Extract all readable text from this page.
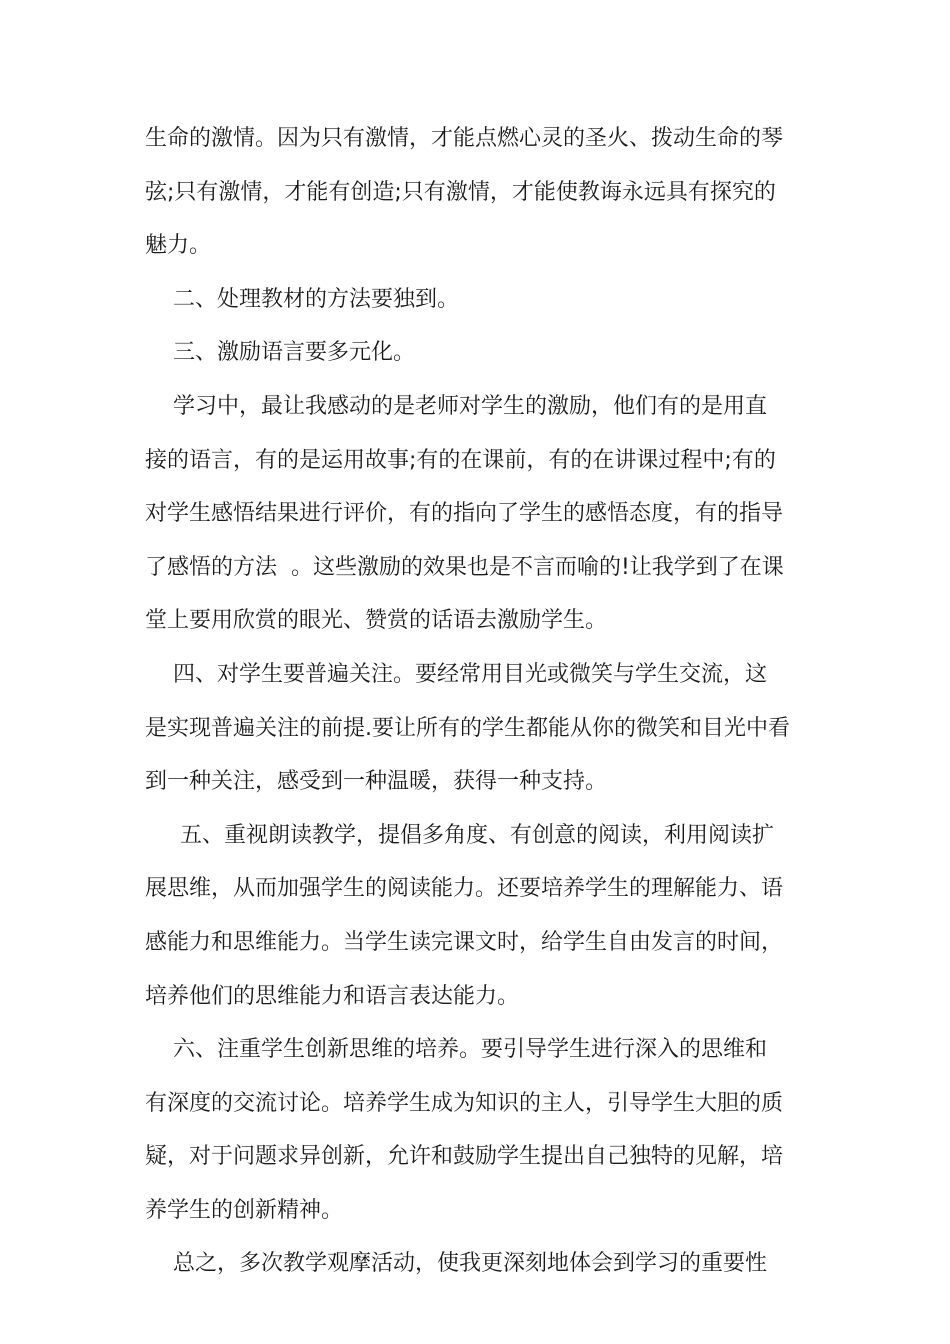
生命的激情。因为只有激情，才能点燃心灵的圣火、拨动生命的琴
弦;只有激情，才能有创造;只有激情，才能使教诲永远具有探究的
魅力。
二、处理教材的方法要独到。
三、激励语言要多元化。
学习中，最让我感动的是老师对学生的激励，他们有的是用直
接的语言，有的是运用故事;有的在课前，有的在讲课过程中;有的
对学生感悟结果进行评价，有的指向了学生的感悟态度，有的指导
了感悟的方法  。这些激励的效果也是不言而喻的!让我学到了在课
堂上要用欣赏的眼光、赞赏的话语去激励学生。
四、对学生要普遍关注。要经常用目光或微笑与学生交流，这
是实现普遍关注的前提.要让所有的学生都能从你的微笑和目光中看
到一种关注，感受到一种温暖，获得一种支持。
五、重视朗读教学，提倡多角度、有创意的阅读，利用阅读扩
展思维，从而加强学生的阅读能力。还要培养学生的理解能力、语
感能力和思维能力。当学生读完课文时，给学生自由发言的时间，
培养他们的思维能力和语言表达能力。
六、注重学生创新思维的培养。要引导学生进行深入的思维和
有深度的交流讨论。培养学生成为知识的主人，引导学生大胆的质
疑，对于问题求异创新，允许和鼓励学生提出自己独特的见解，培
养学生的创新精神。
总之，多次教学观摩活动，使我更深刻地体会到学习的重要性
